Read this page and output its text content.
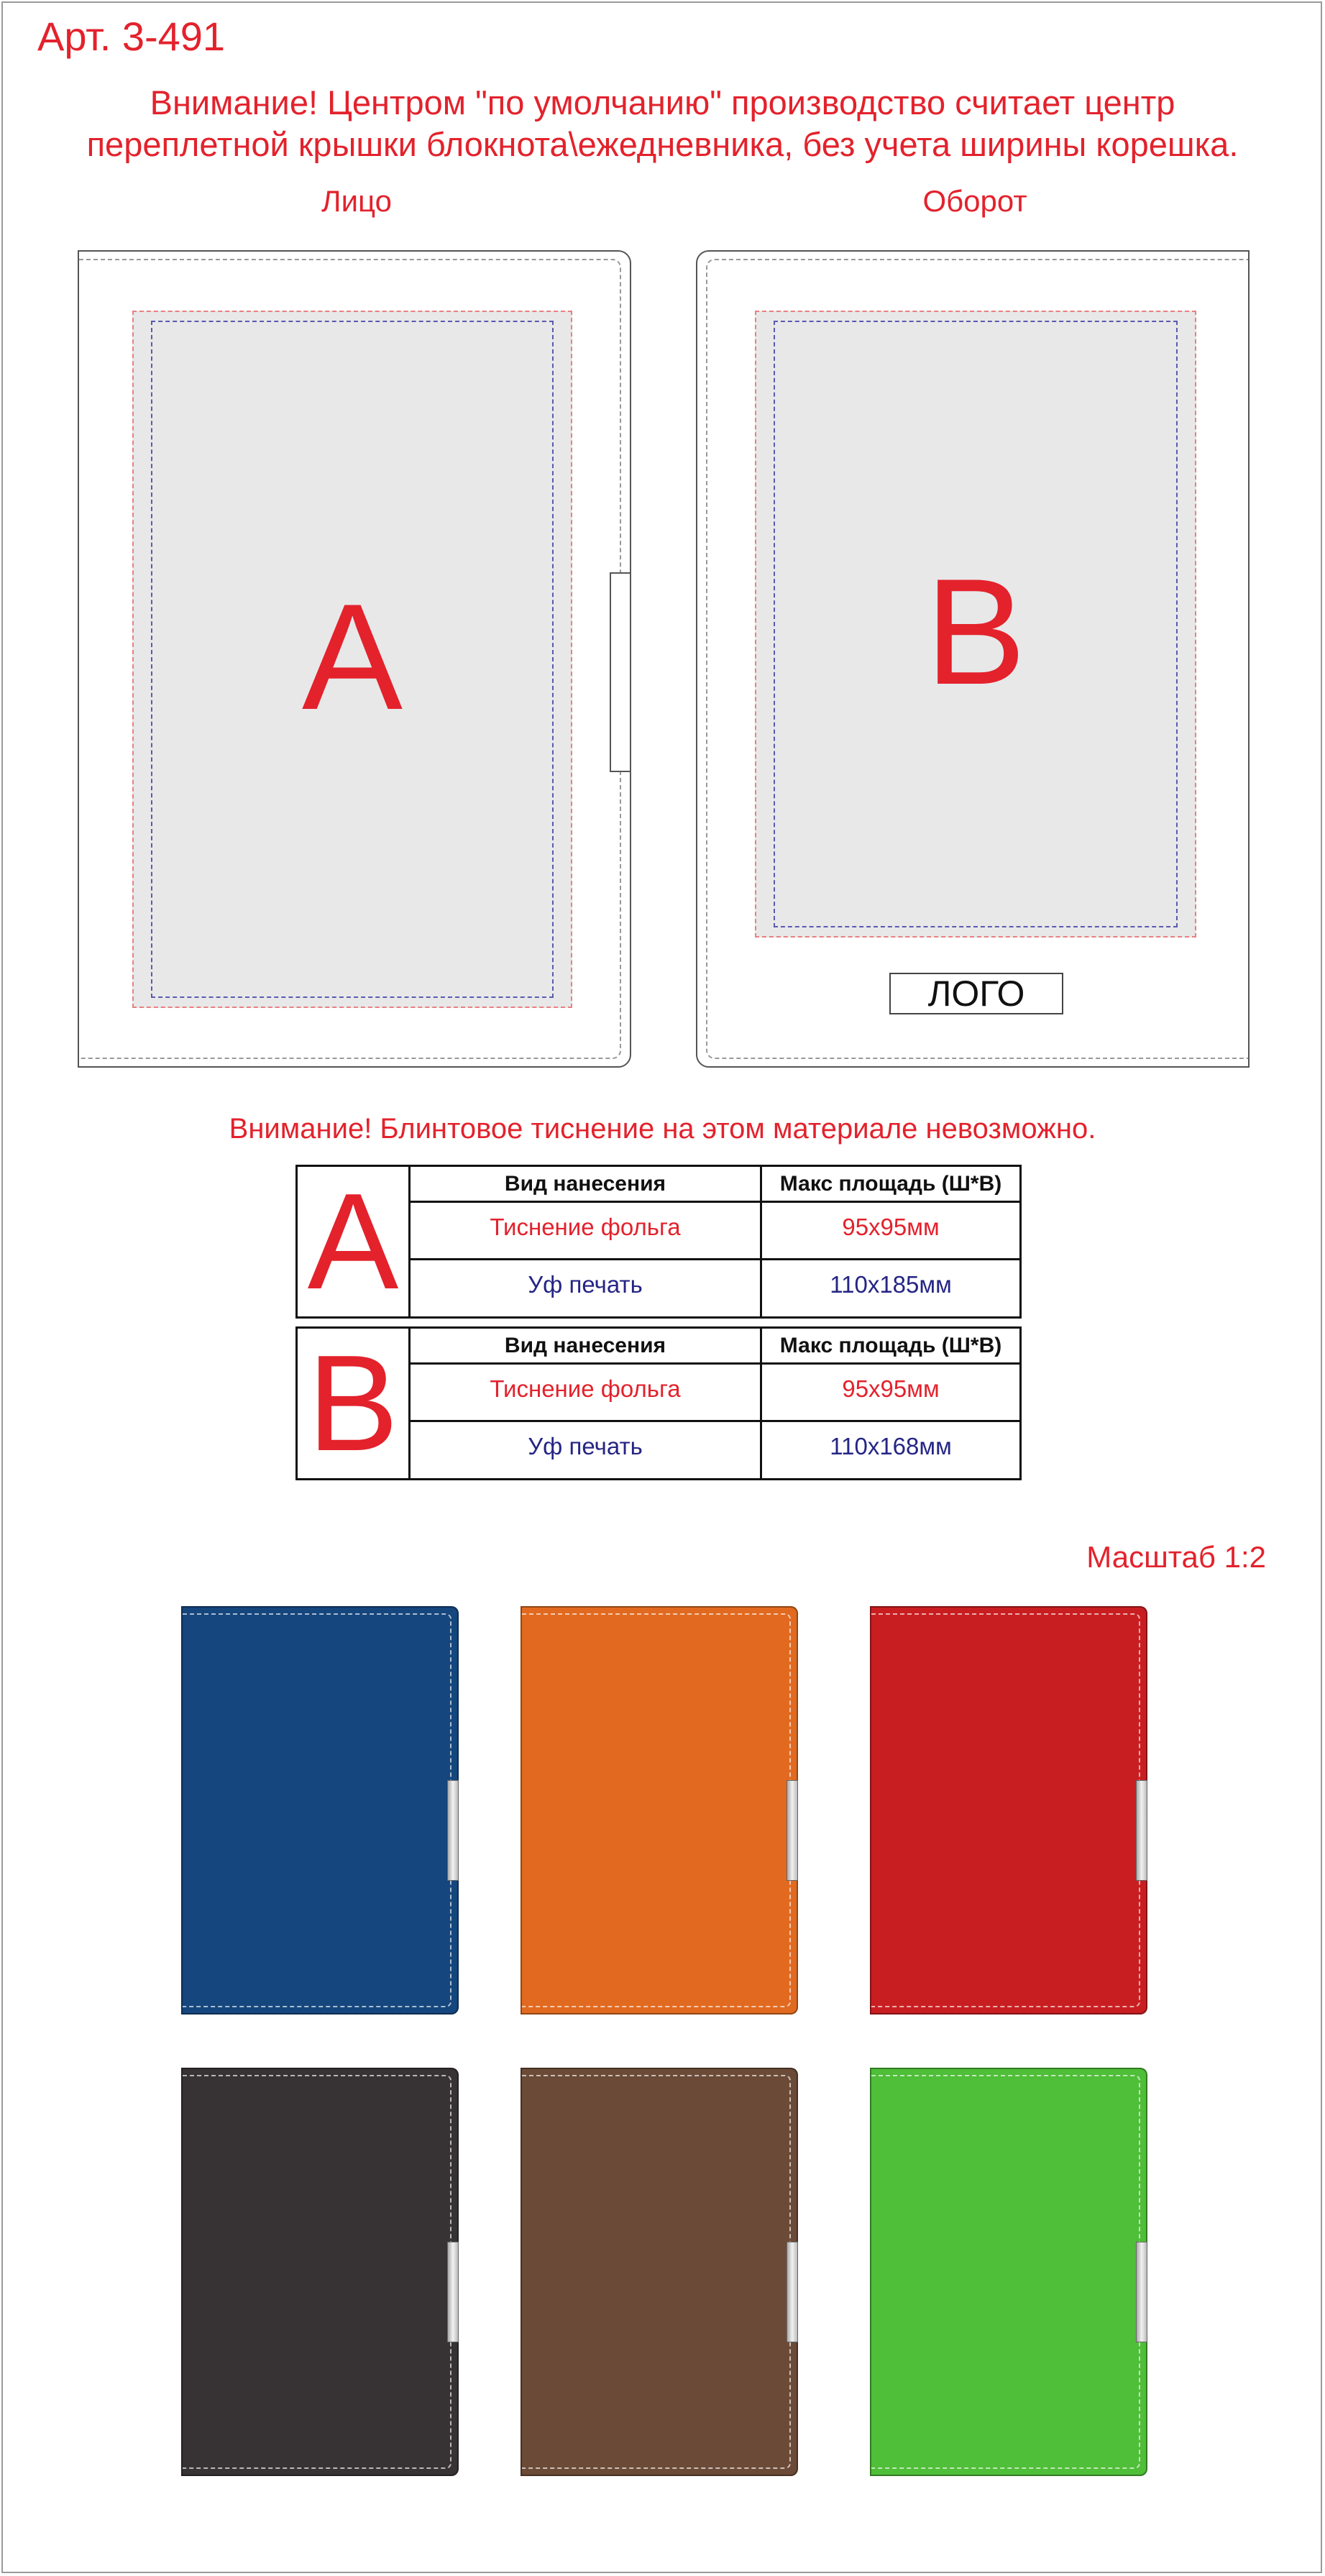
Арт. 3-491
Внимание! Центром "по умолчанию" производство считает центр
переплетной крышки блокнота\ежедневника, без учета ширины корешка.
Лицо	Оборот
A	B
ЛОГО
Внимание! Блинтовое тиснение на этом материале невозможно.
A	Вид нанесения	Макс площадь (Ш*В)
Тиснение фольга	95x95мм
Уф печать	110x185мм
B	Вид нанесения	Макс площадь (Ш*В)
Тиснение фольга	95x95мм
Уф печать	110x168мм
Масштаб 1:2
